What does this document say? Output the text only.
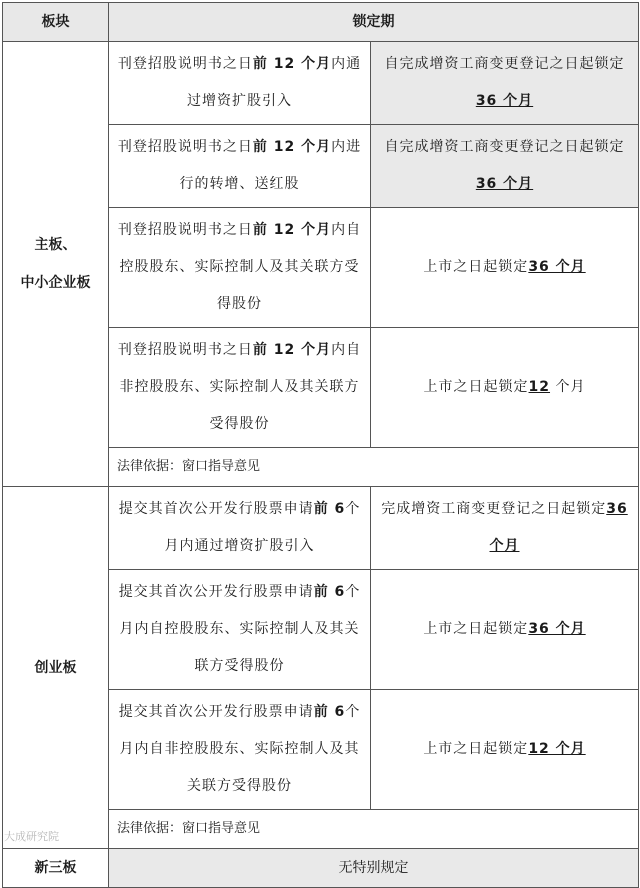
板块	锁定期	

主板、
中小企业板	刊登招股说明书之日前 12 个月内通过增资扩股引入	自完成增资工商变更登记之日起锁定36 个月
	刊登招股说明书之日前 12 个月内进行的转增、送红股	自完成增资工商变更登记之日起锁定36 个月
	刊登招股说明书之日前 12 个月内自控股股东、实际控制人及其关联方受得股份	上市之日起锁定36 个月
	刊登招股说明书之日前 12 个月内自非控股股东、实际控制人及其关联方受得股份	上市之日起锁定12 个月
	法律依据：窗口指导意见	
创业板	提交其首次公开发行股票申请前 6个月内通过增资扩股引入	完成增资工商变更登记之日起锁定36 个月
	提交其首次公开发行股票申请前 6个月内自控股股东、实际控制人及其关联方受得股份	上市之日起锁定36 个月
	提交其首次公开发行股票申请前 6个月内自非控股股东、实际控制人及其关联方受得股份	上市之日起锁定12 个月
	法律依据：窗口指导意见	
新三板	无特别规定	
大成研究院
